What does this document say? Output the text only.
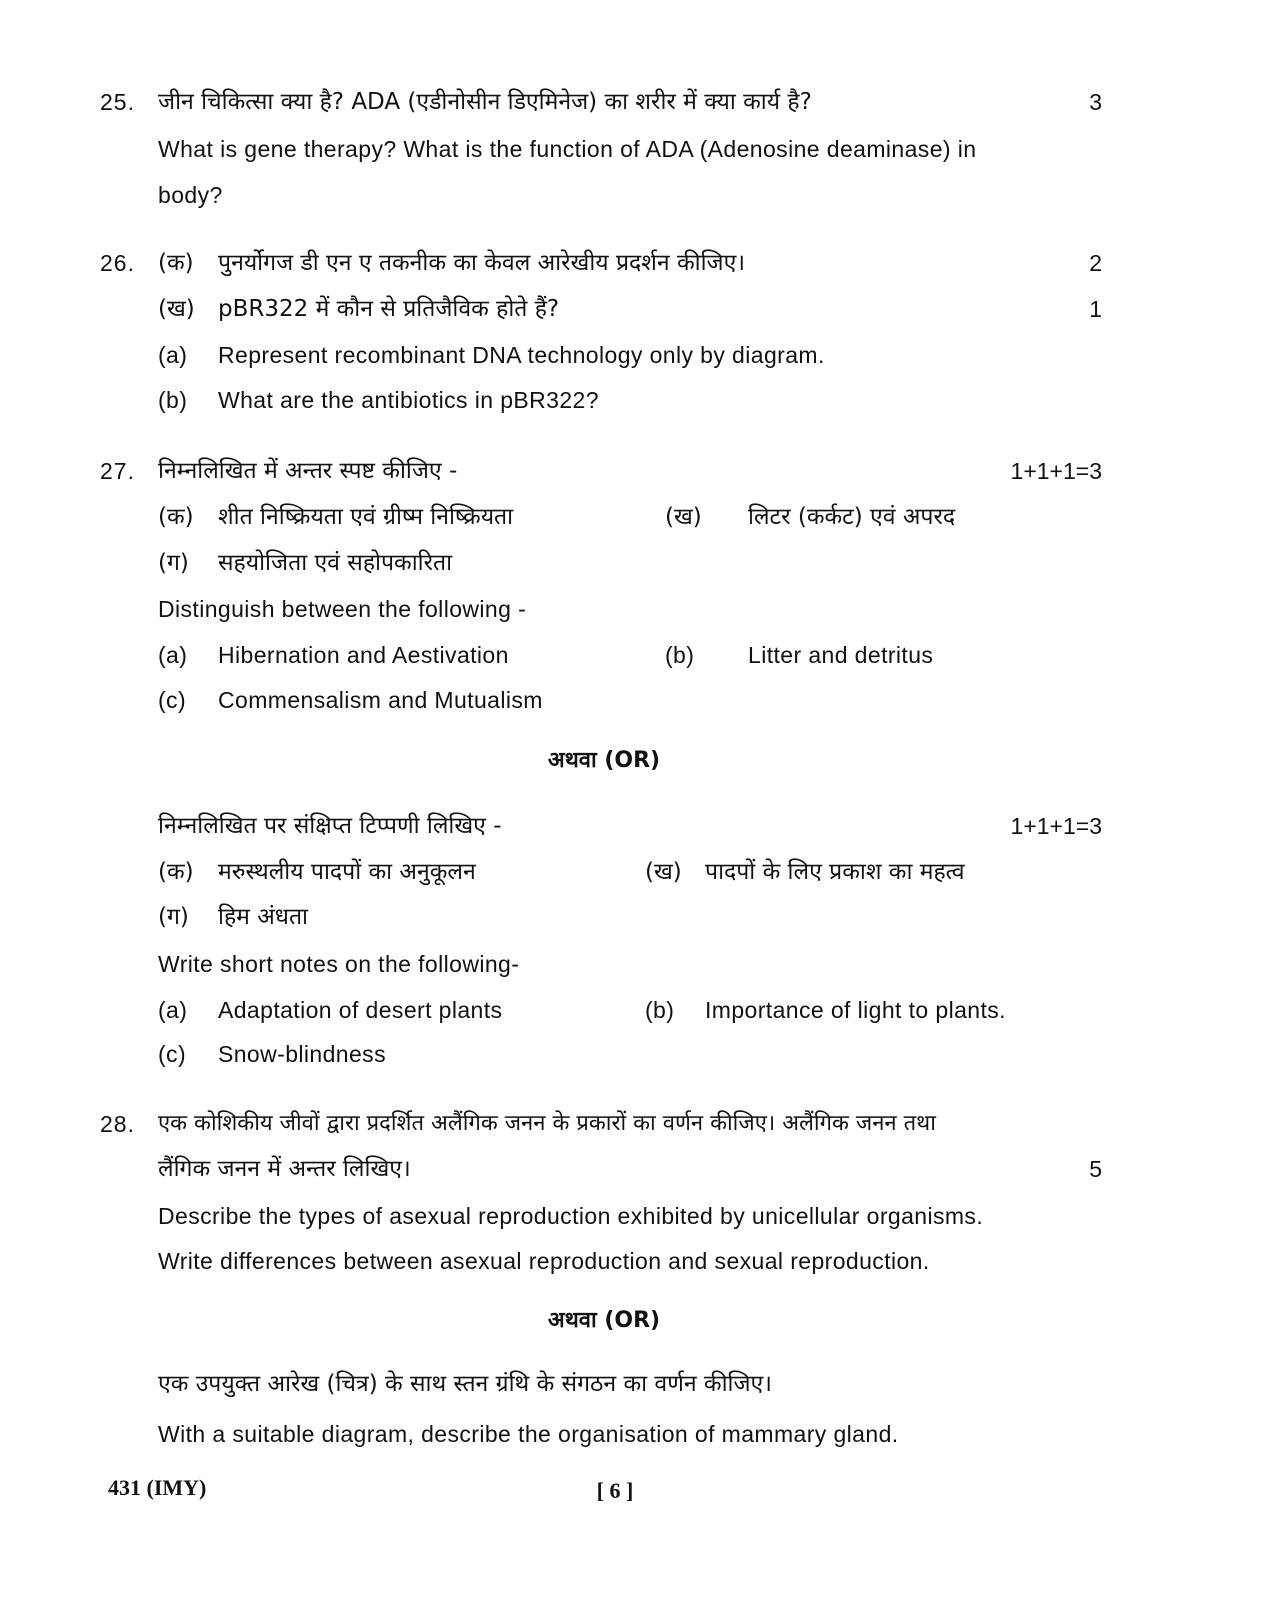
25. जीन चिकित्सा क्या है? ADA (एडीनोसीन डिएमिनेज) का शरीर में क्या कार्य है?	3
What is gene therapy? What is the function of ADA (Adenosine deaminase) in
body?
26. (क) पुनर्योगज डी एन ए तकनीक का केवल आरेखीय प्रदर्शन कीजिए।	2
(ख) pBR322 में कौन से प्रतिजैविक होते हैं?	1
(a) Represent recombinant DNA technology only by diagram.
(b) What are the antibiotics in pBR322?
27. निम्नलिखित में अन्तर स्पष्ट कीजिए -	1+1+1=3
(क) शीत निष्क्रियता एवं ग्रीष्म निष्क्रियता	(ख) लिटर (कर्कट) एवं अपरद
(ग) सहयोजिता एवं सहोपकारिता
Distinguish between the following -
(a) Hibernation and Aestivation	(b) Litter and detritus
(c) Commensalism and Mutualism
अथवा (OR)
निम्नलिखित पर संक्षिप्त टिप्पणी लिखिए -	1+1+1=3
(क) मरुस्थलीय पादपों का अनुकूलन	(ख) पादपों के लिए प्रकाश का महत्व
(ग) हिम अंधता
Write short notes on the following-
(a) Adaptation of desert plants	(b) Importance of light to plants.
(c) Snow-blindness
28. एक कोशिकीय जीवों द्वारा प्रदर्शित अलैंगिक जनन के प्रकारों का वर्णन कीजिए। अलैंगिक जनन तथा
लैंगिक जनन में अन्तर लिखिए।	5
Describe the types of asexual reproduction exhibited by unicellular organisms.
Write differences between asexual reproduction and sexual reproduction.
अथवा (OR)
एक उपयुक्त आरेख (चित्र) के साथ स्तन ग्रंथि के संगठन का वर्णन कीजिए।
With a suitable diagram, describe the organisation of mammary gland.
431 (IMY)	[ 6 ]
